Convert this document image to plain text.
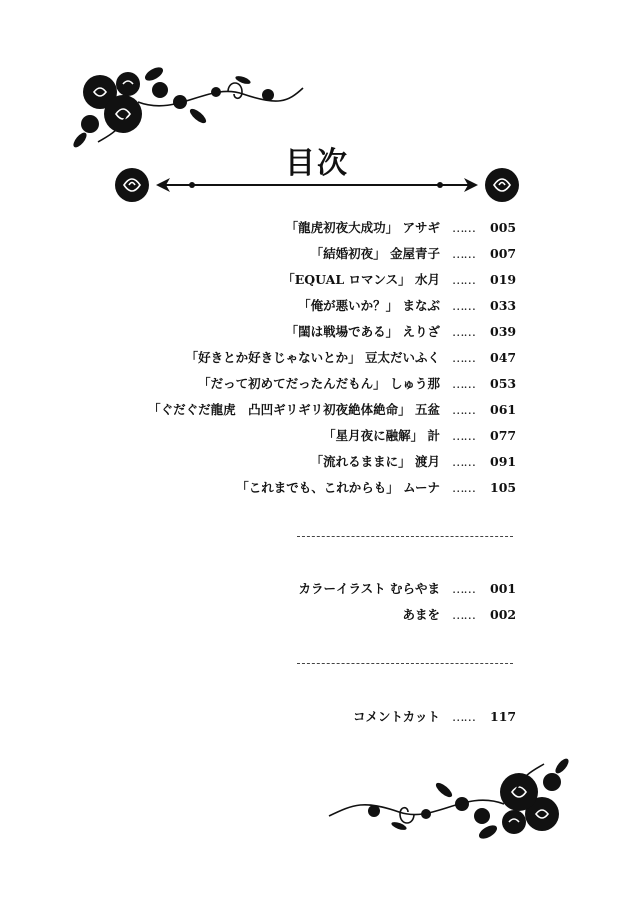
目次
「龍虎初夜大成功」 アサギ …… 005
「結婚初夜」 金屋青子 …… 007
「EQUAL ロマンス」 水月 …… 019
「俺が悪いか？」 まなぶ …… 033
「閨は戦場である」 えりざ …… 039
「好きとか好きじゃないとか」 豆太だいふく …… 047
「だって初めてだったんだもん」 しゅう那 …… 053
「ぐだぐだ龍虎　凸凹ギリギリ初夜絶体絶命」 五盆 …… 061
「星月夜に融解」 計 …… 077
「流れるままに」 渡月 …… 091
「これまでも、これからも」 ムーナ …… 105
カラーイラスト むらやま …… 001
あまを …… 002
コメントカット …… 117
